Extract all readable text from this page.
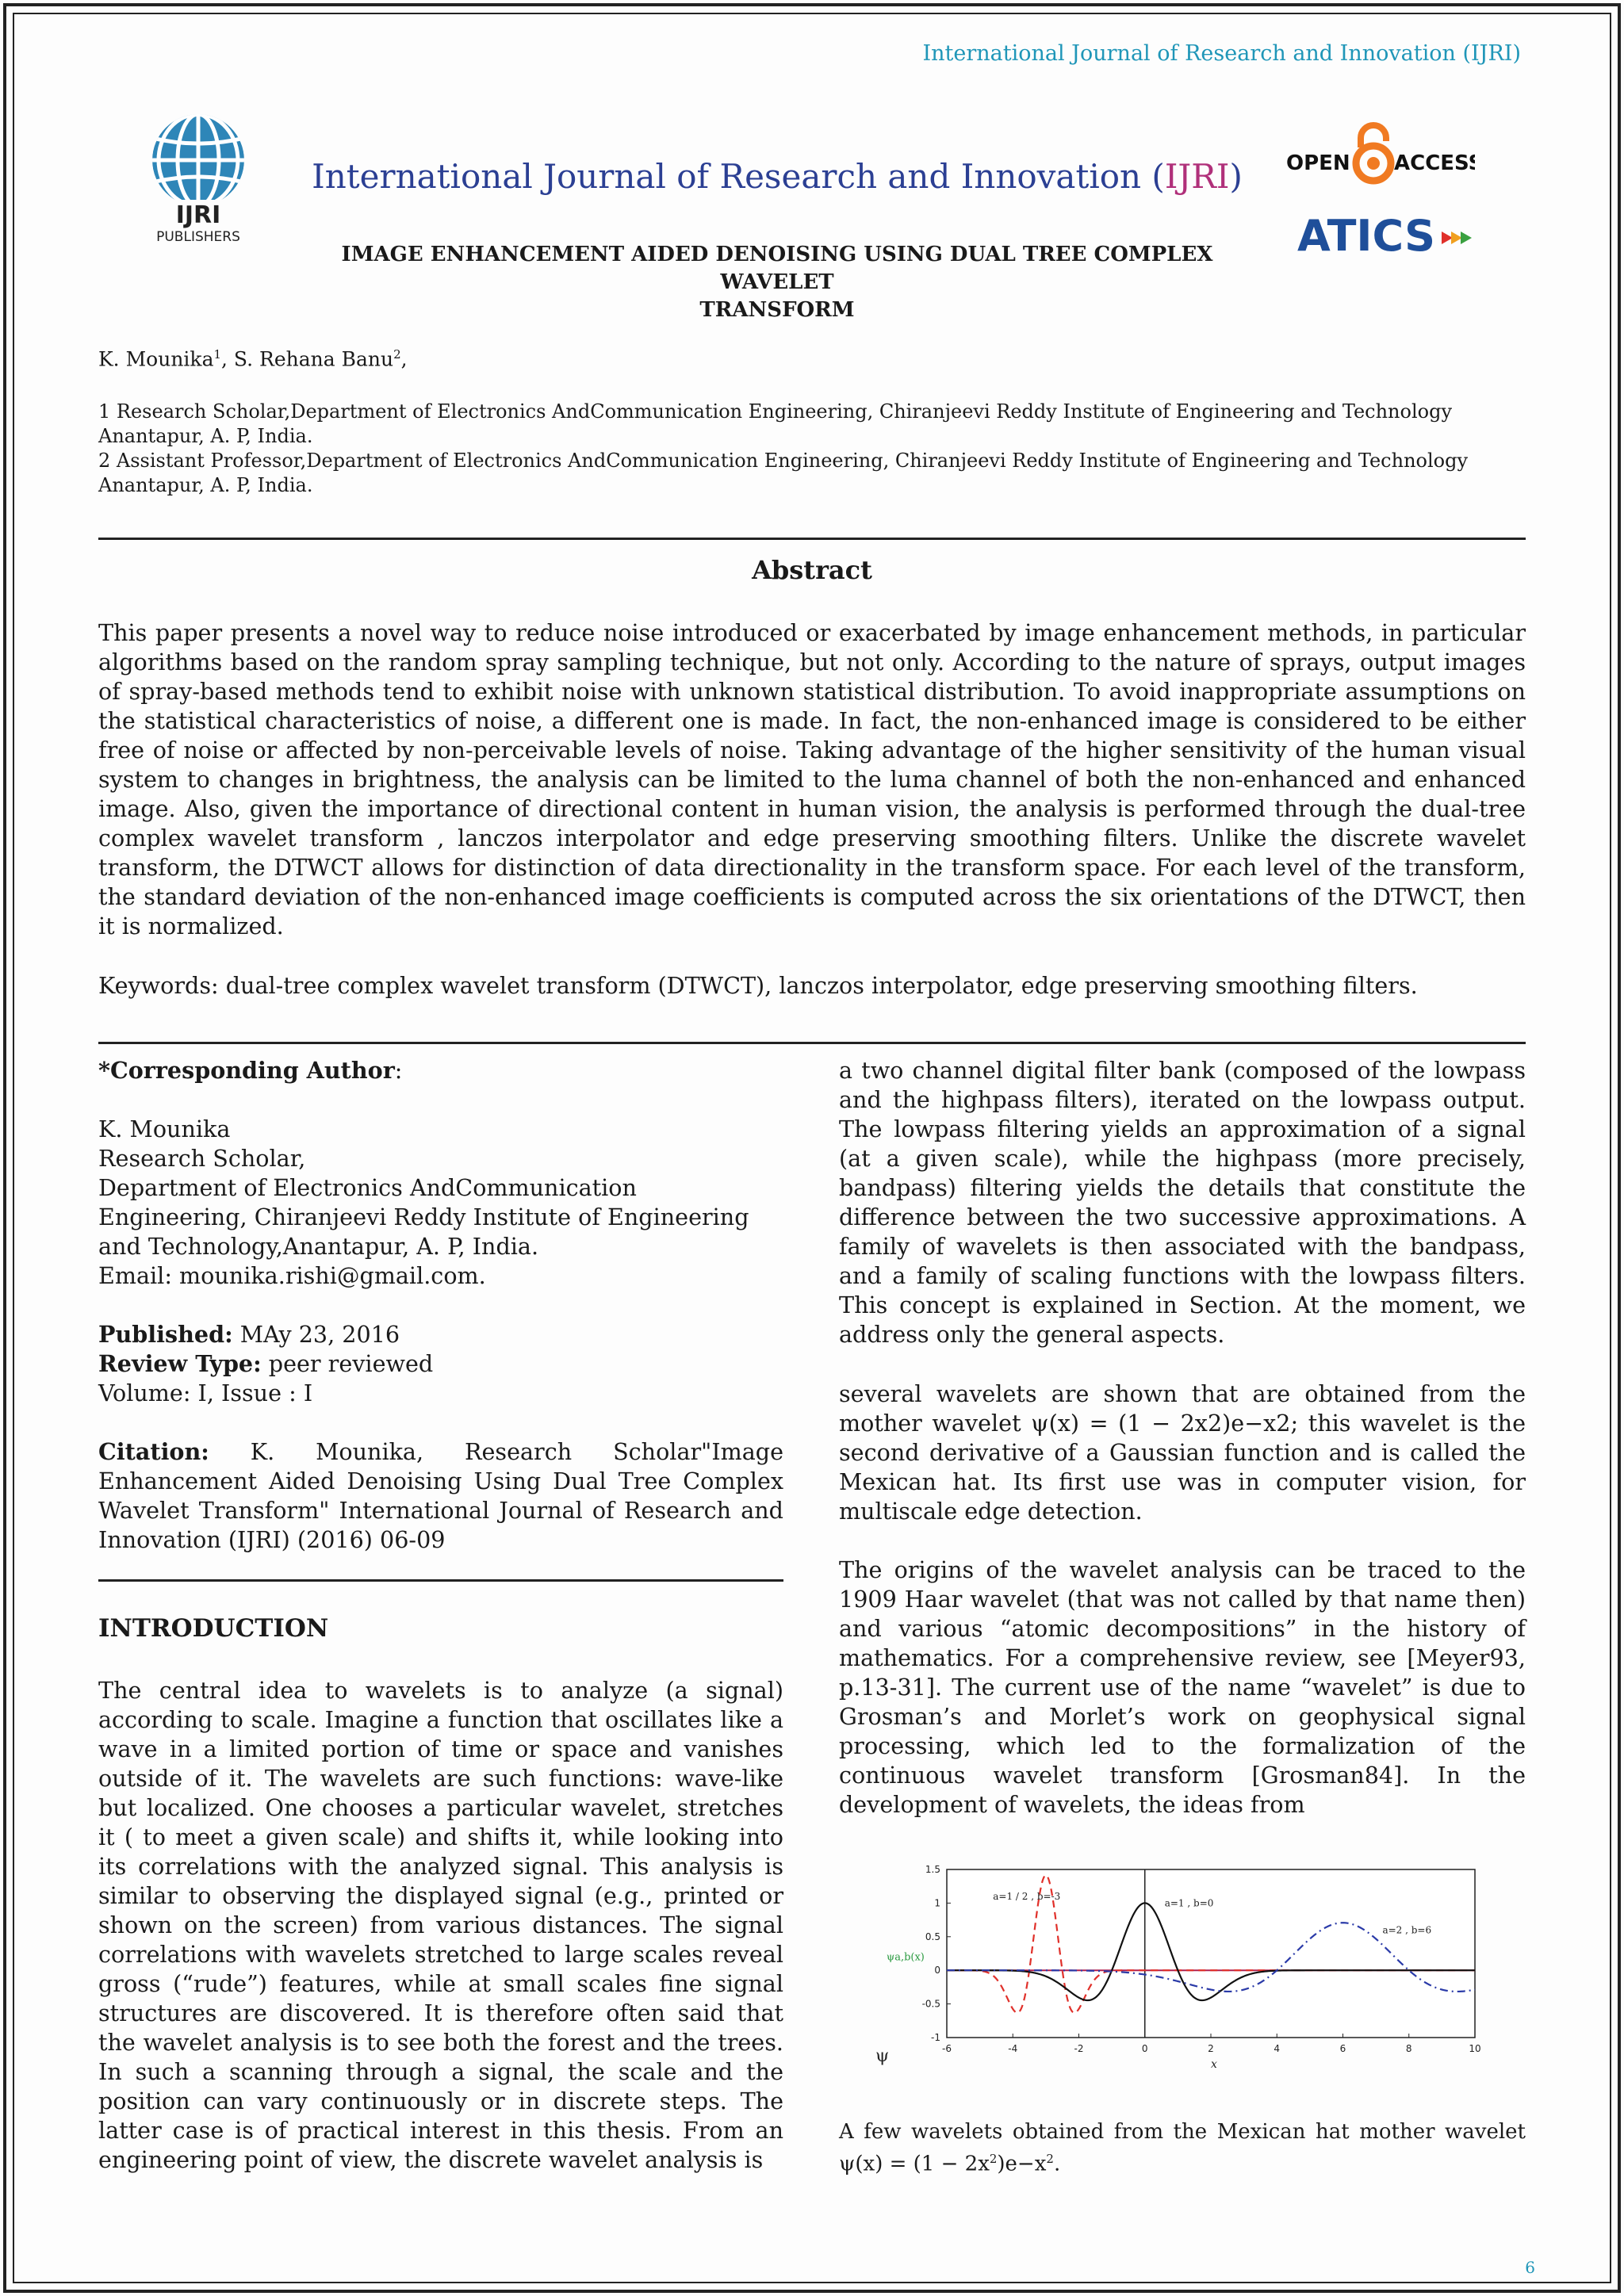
International Journal of Research and Innovation (IJRI)
IJRI
PUBLISHERS
International Journal of Research and Innovation (IJRI)
IMAGE ENHANCEMENT AIDED DENOISING USING DUAL TREE COMPLEX WAVELET
TRANSFORM
OPEN ACCESS
ATICS
K. Mounika$^1$, S. Rehana Banu$^2$,
1 Research Scholar,Department of Electronics AndCommunication Engineering, Chiranjeevi Reddy Institute of Engineering and Technology
Anantapur, A. P, India.
2 Assistant Professor,Department of Electronics AndCommunication Engineering, Chiranjeevi Reddy Institute of Engineering and Technology
Anantapur, A. P, India.
Abstract
This paper presents a novel way to reduce noise introduced or exacerbated by image enhancement methods, in particular algorithms based on the random spray sampling technique, but not only. According to the nature of sprays, output images of spray-based methods tend to exhibit noise with unknown statistical distribution. To avoid inappropriate assumptions on the statistical characteristics of noise, a different one is made. In fact, the non-enhanced image is considered to be either free of noise or affected by non-perceivable levels of noise. Taking advantage of the higher sensitivity of the human visual system to changes in brightness, the analysis can be limited to the luma channel of both the non-enhanced and enhanced image. Also, given the importance of directional content in human vision, the analysis is performed through the dual-tree complex wavelet transform , lanczos interpolator and edge preserving smoothing filters. Unlike the discrete wavelet transform, the DTWCT allows for distinction of data directionality in the transform space. For each level of the transform, the standard deviation of the non-enhanced image coefficients is computed across the six orientations of the DTWCT, then it is normalized.
Keywords: dual-tree complex wavelet transform (DTWCT), lanczos interpolator, edge preserving smoothing filters.

*Corresponding Author:

K. Mounika

Research Scholar,

Department of Electronics AndCommunication Engineering, Chiranjeevi Reddy Institute of Engineering and Technology,Anantapur, A. P, India.

Email: mounika.rishi@gmail.com.

Published: MAy 23, 2016

Review Type: peer reviewed

Volume: I, Issue : I

Citation: K. Mounika, Research Scholar"Image Enhancement Aided Denoising Using Dual Tree Complex Wavelet Transform" International Journal of Research and Innovation (IJRI) (2016) 06-09

INTRODUCTION
The central idea to wavelets is to analyze (a signal) according to scale. Imagine a function that oscillates like a wave in a limited portion of time or space and vanishes outside of it. The wavelets are such functions: wave-like but localized. One chooses a particular wavelet, stretches it ( to meet a given scale) and shifts it, while looking into its correlations with the analyzed signal. This analysis is similar to observing the displayed signal (e.g., printed or shown on the screen) from various distances. The signal correlations with wavelets stretched to large scales reveal gross (“rude”) features, while at small scales fine signal structures are discovered. It is therefore often said that the wavelet analysis is to see both the forest and the trees. In such a scanning through a signal, the scale and the position can vary continuously or in discrete steps. The latter case is of practical interest in this thesis. From an engineering point of view, the discrete wavelet analysis is
a two channel digital filter bank (composed of the lowpass and the highpass filters), iterated on the lowpass output. The lowpass filtering yields an approximation of a signal (at a given scale), while the highpass (more precisely, bandpass) filtering yields the details that constitute the difference between the two successive approximations. A family of wavelets is then associated with the bandpass, and a family of scaling functions with the lowpass filters. This concept is explained in Section. At the moment, we address only the general aspects.
several wavelets are shown that are obtained from the mother wavelet ψ(x) = (1 − 2x2)e−x2; this wavelet is the second derivative of a Gaussian function and is called the Mexican hat. Its first use was in computer vision, for multiscale edge detection.
The origins of the wavelet analysis can be traced to the 1909 Haar wavelet (that was not called by that name then) and various “atomic decompositions” in the history of mathematics. For a comprehensive review, see [Meyer93, p.13-31]. The current use of the name “wavelet” is due to Grosman’s and Morlet’s work on geophysical signal processing, which led to the formalization of the continuous wavelet transform [Grosman84]. In the development of wavelets, the ideas from
-6	-4	-2	0	2	4	6	8	10
1.5
1
0.5
0
-0.5
-1
a=1 / 2 , b=-3
a=1 , b=0
a=2 , b=6
ψa,b(x)
ψ	x
A few wavelets obtained from the Mexican hat mother wavelet $\psi(x) = (1 - 2x^2)e-x^2$.
6
